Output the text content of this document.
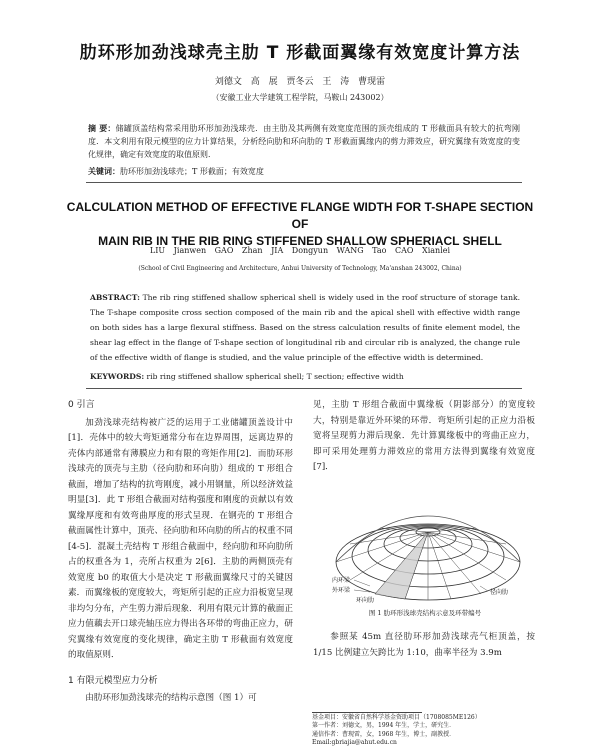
肋环形加劲浅球壳主肋 T 形截面翼缘有效宽度计算方法
刘德文 高 展 贾冬云 王 涛 曹现雷
（安徽工业大学建筑工程学院，马鞍山 243002）
摘 要：储罐顶盖结构常采用肋环形加劲浅球壳．由主肋及其两侧有效宽度范围的顶壳组成的 T 形截面具有较大的抗弯刚度．本文利用有限元模型的应力计算结果，分析经向肋和环向肋的 T 形截面翼缘内的剪力滞效应，研究翼缘有效宽度的变化规律，确定有效宽度的取值原则．
关键词：肋环形加劲浅球壳；T 形截面；有效宽度
CALCULATION METHOD OF EFFECTIVE FLANGE WIDTH FOR T-SHAPE SECTION OF
MAIN RIB IN THE RIB RING STIFFENED SHALLOW SPHERIACL SHELL
LIU Jianwen GAO Zhan JIA Dongyun WANG Tao CAO Xianlei
(School of Civil Engineering and Architecture, Anhui University of Technology, Ma'anshan 243002, China)
ABSTRACT: The rib ring stiffened shallow spherical shell is widely used in the roof structure of storage tank. The T-shape composite cross section composed of the main rib and the apical shell with effective width range on both sides has a large flexural stiffness. Based on the stress calculation results of finite element model, the shear lag effect in the flange of T-shape section of longitudinal rib and circular rib is analyzed, the change rule of the effective width of flange is studied, and the value principle of the effective width is determined.
KEYWORDS: rib ring stiffened shallow spherical shell; T section; effective width
0 引言
加劲浅球壳结构被广泛的运用于工业储罐顶盖设计中[1]．壳体中的较大弯矩通常分布在边界周围，远离边界的壳体内部通常有薄膜应力和有限的弯矩作用[2]．而肋环形浅球壳的顶壳与主肋（径向肋和环向肋）组成的 T 形组合截面，增加了结构的抗弯刚度，减小用钢量，所以经济效益明显[3]．此 T 形组合截面对结构强度和刚度的贡献以有效翼缘厚度和有效弯曲厚度的形式呈现．在钢壳的 T 形组合截面属性计算中，顶壳、径向肋和环向肋的所占的权重不同[4-5]．混凝土壳结构 T 形组合截面中，经向肋和环向肋所占的权重各为 1，壳所占权重为 2[6]．主肋的两侧顶壳有效宽度 b0 的取值大小是决定 T 形截面翼缘尺寸的关键因素．而翼缘板的宽度较大，弯矩所引起的正应力沿板宽呈现非均匀分布，产生剪力滞后现象．利用有限元计算的截面正应力值藕去开口球壳轴压应力得出各环带的弯曲正应力，研究翼缘有效宽度的变化规律，确定主肋 T 形截面有效宽度的取值原则．
1 有限元模型应力分析
由肋环形加劲浅球壳的结构示意图（图 1）可
见，主肋 T 形组合截面中翼缘板（阴影部分）的宽度较大，特别是靠近外环梁的环带．弯矩所引起的正应力沿板宽将呈现剪力滞后现象．先计算翼缘板中的弯曲正应力，即可采用处理剪力滞效应的常用方法得到翼缘有效宽度[7]．
内环梁
外环梁
环向肋
径向肋
图 1 肋环形浅球壳结构示意及环带编号
参照某 45m 直径肋环形加劲浅球壳气柜顶盖，按 1/15 比例建立矢跨比为 1:10，曲率半径为 3.9m
基金项目：安徽省自然科学基金资助项目（1708085ME126）
第一作者：刘德文，男，1994 年生，学士，研究生．
通信作者：曹现雷，女，1968 年生，博士，副教授．
Email:gbriajia@ahut.edu.cn
